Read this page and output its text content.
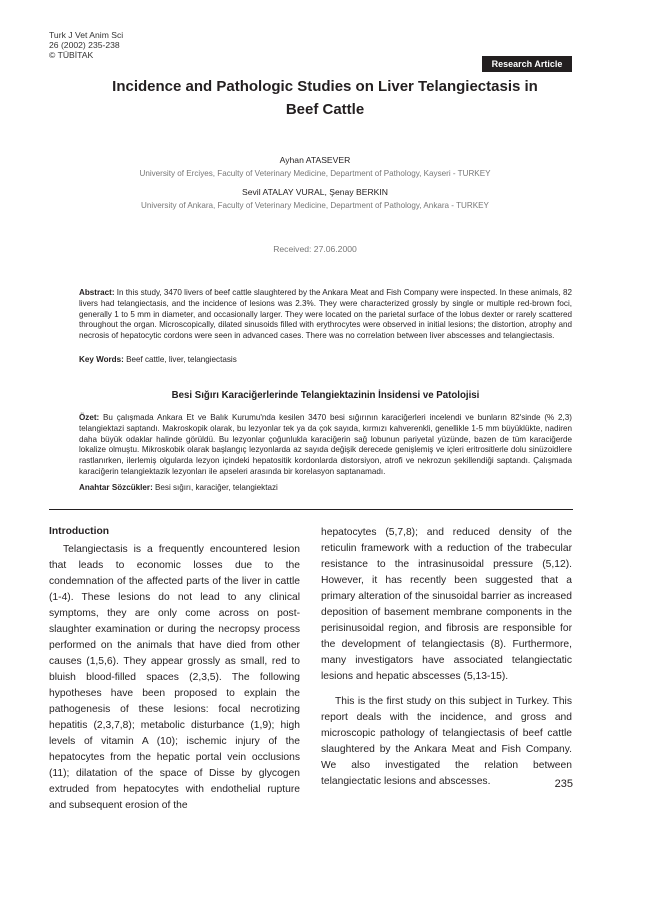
Turk J Vet Anim Sci
26 (2002) 235-238
© TÜBİTAK
Research Article
Incidence and Pathologic Studies on Liver Telangiectasis in
Beef Cattle
Ayhan ATASEVER
University of Erciyes, Faculty of Veterinary Medicine, Department of Pathology, Kayseri - TURKEY
Sevil ATALAY VURAL, Şenay BERKIN
University of Ankara, Faculty of Veterinary Medicine, Department of Pathology, Ankara - TURKEY
Received: 27.06.2000
Abstract: In this study, 3470 livers of beef cattle slaughtered by the Ankara Meat and Fish Company were inspected. In these animals, 82 livers had telangiectasis, and the incidence of lesions was 2.3%. They were characterized grossly by single or multiple red-brown foci, generally 1 to 5 mm in diameter, and occasionally larger. They were located on the parietal surface of the lobus dexter or rarely scattered throughout the organ. Microscopically, dilated sinusoids filled with erythrocytes were observed in initial lesions; the distortion, atrophy and necrosis of hepatocytic cordons were seen in advanced cases. There was no correlation between liver abscesses and telangiectasis.
Key Words: Beef cattle, liver, telangiectasis
Besi Sığırı Karaciğerlerinde Telangiektazinin İnsidensi ve Patolojisi
Özet: Bu çalışmada Ankara Et ve Balık Kurumu'nda kesilen 3470 besi sığırının karaciğerleri incelendi ve bunların 82'sinde (% 2,3) telangiektazi saptandı. Makroskopik olarak, bu lezyonlar tek ya da çok sayıda, kırmızı kahverenkli, genellikle 1-5 mm büyüklükte, nadiren daha büyük odaklar halinde görüldü. Bu lezyonlar çoğunlukla karaciğerin sağ lobunun pariyetal yüzünde, bazen de tüm karaciğerde lokalize olmuştu. Mikroskobik olarak başlangıç lezyonlarda az sayıda değişik derecede genişlemiş ve içleri eritrositlerle dolu sinüzoidlere rastlanırken, ilerlemiş olgularda lezyon içindeki hepatositik kordonlarda distorsiyon, atrofi ve nekrozun şekillendiği saptandı. Çalışmada karaciğerin telangiektazik lezyonları ile apseleri arasında bir korelasyon saptanamadı.
Anahtar Sözcükler: Besi sığırı, karaciğer, telangiektazi
Introduction

Telangiectasis is a frequently encountered lesion that leads to economic losses due to the condemnation of the affected parts of the liver in cattle (1-4). These lesions do not lead to any clinical symptoms, they are only come across on post-slaughter examination or during the necropsy process performed on the animals that have died from other causes (1,5,6). They appear grossly as small, red to bluish blood-filled spaces (2,3,5). The following hypotheses have been proposed to explain the pathogenesis of these lesions: focal necrotizing hepatitis (2,3,7,8); metabolic disturbance (1,9); high levels of vitamin A (10); ischemic injury of the hepatocytes from the hepatic portal vein occlusions (11); dilatation of the space of Disse by glycogen extruded from hepatocytes with endothelial rupture and subsequent erosion of the

hepatocytes (5,7,8); and reduced density of the reticulin framework with a reduction of the trabecular resistance to the intrasinusoidal pressure (5,12). However, it has recently been suggested that a primary alteration of the sinusoidal barrier as increased deposition of basement membrane components in the perisinusoidal region, and fibrosis are responsible for the development of telangiectasis (8). Furthermore, many investigators have associated telangiectatic lesions and hepatic abscesses (5,13-15).

This is the first study on this subject in Turkey. This report deals with the incidence, and gross and microscopic pathology of telangiectasis of beef cattle slaughtered by the Ankara Meat and Fish Company. We also investigated the relation between telangiectatic lesions and abscesses.	235
